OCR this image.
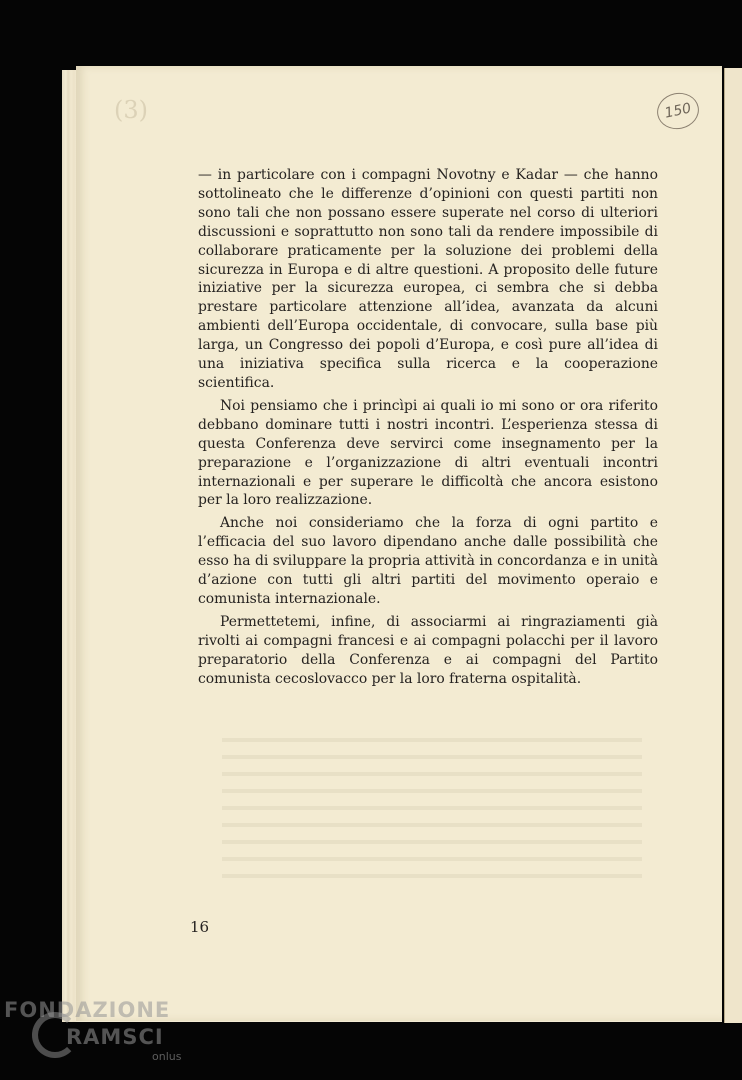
(3)	150

— in particolare con i compagni Novotny e Kadar — che hanno sottolineato che le differenze d’opinioni con questi partiti non sono tali che non possano essere superate nel corso di ulteriori discussioni e soprattutto non sono tali da rendere impossibile di collaborare praticamente per la soluzione dei problemi della sicurezza in Europa e di altre questioni. A proposito delle future iniziative per la sicurezza europea, ci sembra che si debba prestare particolare attenzione all’idea, avanzata da alcuni ambienti dell’Europa occidentale, di convocare, sulla base più larga, un Congresso dei popoli d’Europa, e così pure all’idea di una iniziativa specifica sulla ricerca e la cooperazione scientifica.

Noi pensiamo che i princìpi ai quali io mi sono or ora riferito debbano dominare tutti i nostri incontri. L’esperienza stessa di questa Conferenza deve servirci come insegnamento per la preparazione e l’organizzazione di altri eventuali incontri internazionali e per superare le difficoltà che ancora esistono per la loro realizzazione.

Anche noi consideriamo che la forza di ogni partito e l’efficacia del suo lavoro dipendano anche dalle possibilità che esso ha di sviluppare la propria attività in concordanza e in unità d’azione con tutti gli altri partiti del movimento operaio e comunista internazionale.

Permettetemi, infine, di associarmi ai ringraziamenti già rivolti ai compagni francesi e ai compagni polacchi per il lavoro preparatorio della Conferenza e ai compagni del Partito comunista cecoslovacco per la loro fraterna ospitalità.

16
FONDAZIONE
RAMSCI
onlus
